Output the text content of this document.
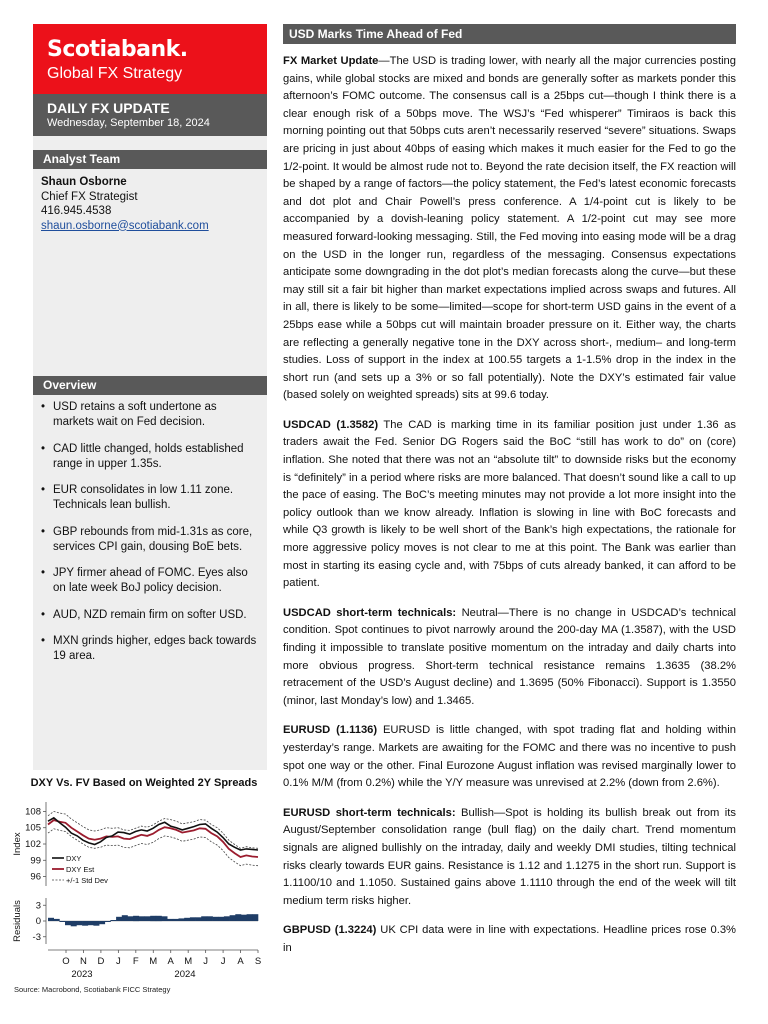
Scotiabank.
Global FX Strategy
DAILY FX UPDATE
Wednesday, September 18, 2024
Analyst Team
Shaun Osborne
Chief FX Strategist
416.945.4538
shaun.osborne@scotiabank.com
Overview
• USD retains a soft undertone as markets wait on Fed decision.
• CAD little changed, holds established range in upper 1.35s.
• EUR consolidates in low 1.11 zone. Technicals lean bullish.
• GBP rebounds from mid-1.31s as core, services CPI gain, dousing BoE bets.
• JPY firmer ahead of FOMC. Eyes also on late week BoJ policy decision.
• AUD, NZD remain firm on softer USD.
• MXN grinds higher, edges back towards 19 area.
DXY Vs. FV Based on Weighted 2Y Spreads
108
105
102
99
96
Index
DXY
DXY Est
+/-1 Std Dev
3
0
-3
Residuals
O N D J F M A M J J A S
2023	2024
Source: Macrobond, Scotiabank FICC Strategy
USD Marks Time Ahead of Fed

FX Market Update—The USD is trading lower, with nearly all the major currencies posting gains, while global stocks are mixed and bonds are generally softer as markets ponder this afternoon’s FOMC outcome. The consensus call is a 25bps cut—though I think there is a clear enough risk of a 50bps move. The WSJ’s “Fed whisperer” Timiraos is back this morning pointing out that 50bps cuts aren’t necessarily reserved “severe” situations. Swaps are pricing in just about 40bps of easing which makes it much easier for the Fed to go the 1/2-point. It would be almost rude not to. Beyond the rate decision itself, the FX reaction will be shaped by a range of factors—the policy statement, the Fed’s latest economic forecasts and dot plot and Chair Powell’s press conference. A 1/4-point cut is likely to be accompanied by a dovish-leaning policy statement. A 1/2-point cut may see more measured forward-looking messaging. Still, the Fed moving into easing mode will be a drag on the USD in the longer run, regardless of the messaging. Consensus expectations anticipate some downgrading in the dot plot’s median forecasts along the curve—but these may still sit a fair bit higher than market expectations implied across swaps and futures. All in all, there is likely to be some—limited—scope for short-term USD gains in the event of a 25bps ease while a 50bps cut will maintain broader pressure on it. Either way, the charts are reflecting a generally negative tone in the DXY across short-, medium– and long-term studies. Loss of support in the index at 100.55 targets a 1-1.5% drop in the index in the short run (and sets up a 3% or so fall potentially). Note the DXY’s estimated fair value (based solely on weighted spreads) sits at 99.6 today.

USDCAD (1.3582) The CAD is marking time in its familiar position just under 1.36 as traders await the Fed. Senior DG Rogers said the BoC “still has work to do” on (core) inflation. She noted that there was not an “absolute tilt” to downside risks but the economy is “definitely” in a period where risks are more balanced. That doesn’t sound like a call to up the pace of easing. The BoC’s meeting minutes may not provide a lot more insight into the policy outlook than we know already. Inflation is slowing in line with BoC forecasts and while Q3 growth is likely to be well short of the Bank’s high expectations, the rationale for more aggressive policy moves is not clear to me at this point. The Bank was earlier than most in starting its easing cycle and, with 75bps of cuts already banked, it can afford to be patient.

USDCAD short-term technicals: Neutral—There is no change in USDCAD’s technical condition. Spot continues to pivot narrowly around the 200-day MA (1.3587), with the USD finding it impossible to translate positive momentum on the intraday and daily charts into more obvious progress. Short-term technical resistance remains 1.3635 (38.2% retracement of the USD’s August decline) and 1.3695 (50% Fibonacci). Support is 1.3550 (minor, last Monday’s low) and 1.3465.

EURUSD (1.1136) EURUSD is little changed, with spot trading flat and holding within yesterday’s range. Markets are awaiting for the FOMC and there was no incentive to push spot one way or the other. Final Eurozone August inflation was revised marginally lower to 0.1% M/M (from 0.2%) while the Y/Y measure was unrevised at 2.2% (down from 2.6%).

EURUSD short-term technicals: Bullish—Spot is holding its bullish break out from its August/September consolidation range (bull flag) on the daily chart. Trend momentum signals are aligned bullishly on the intraday, daily and weekly DMI studies, tilting technical risks clearly towards EUR gains. Resistance is 1.12 and 1.1275 in the short run. Support is 1.1100/10 and 1.1050. Sustained gains above 1.1110 through the end of the week will tilt medium term risks higher.

GBPUSD (1.3224) UK CPI data were in line with expectations. Headline prices rose 0.3% in
